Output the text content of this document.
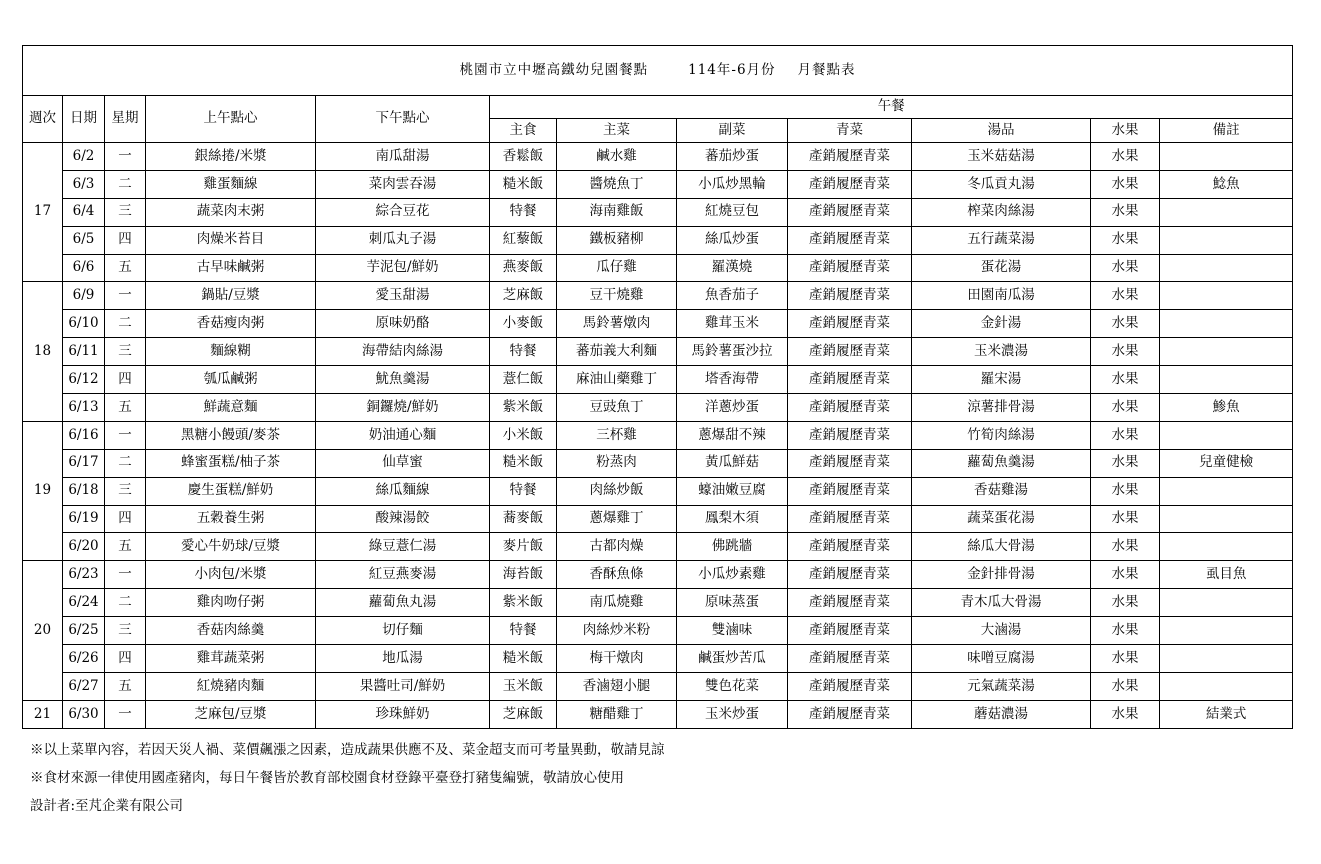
桃園市立中壢高鐵幼兒園餐點 114年-6月份 月餐點表											
週次	日期	星期	上午點心	下午點心	午餐						
					主食	主菜	副菜	青菜	湯品	水果	備註
17	6/2	一	銀絲捲/米漿	南瓜甜湯	香鬆飯	鹹水雞	蕃茄炒蛋	產銷履歷青菜	玉米菇菇湯	水果	
	6/3	二	雞蛋麵線	菜肉雲吞湯	糙米飯	醬燒魚丁	小瓜炒黑輪	產銷履歷青菜	冬瓜貢丸湯	水果	鯰魚
	6/4	三	蔬菜肉末粥	綜合豆花	特餐	海南雞飯	紅燒豆包	產銷履歷青菜	榨菜肉絲湯	水果	
	6/5	四	肉燥米苔目	刺瓜丸子湯	紅藜飯	鐵板豬柳	絲瓜炒蛋	產銷履歷青菜	五行蔬菜湯	水果	
	6/6	五	古早味鹹粥	芋泥包/鮮奶	燕麥飯	瓜仔雞	羅漢燒	產銷履歷青菜	蛋花湯	水果	
18	6/9	一	鍋貼/豆漿	愛玉甜湯	芝麻飯	豆干燒雞	魚香茄子	產銷履歷青菜	田園南瓜湯	水果	
	6/10	二	香菇瘦肉粥	原味奶酪	小麥飯	馬鈴薯燉肉	雞茸玉米	產銷履歷青菜	金針湯	水果	
	6/11	三	麵線糊	海帶結肉絲湯	特餐	蕃茄義大利麵	馬鈴薯蛋沙拉	產銷履歷青菜	玉米濃湯	水果	
	6/12	四	瓠瓜鹹粥	魷魚羹湯	薏仁飯	麻油山藥雞丁	塔香海帶	產銷履歷青菜	羅宋湯	水果	
	6/13	五	鮮蔬意麵	銅鑼燒/鮮奶	紫米飯	豆豉魚丁	洋蔥炒蛋	產銷履歷青菜	涼薯排骨湯	水果	鯵魚
19	6/16	一	黑糖小饅頭/麥茶	奶油通心麵	小米飯	三杯雞	蔥爆甜不辣	產銷履歷青菜	竹筍肉絲湯	水果	
	6/17	二	蜂蜜蛋糕/柚子茶	仙草蜜	糙米飯	粉蒸肉	黃瓜鮮菇	產銷履歷青菜	蘿蔔魚羹湯	水果	兒童健檢
	6/18	三	慶生蛋糕/鮮奶	絲瓜麵線	特餐	肉絲炒飯	蠔油嫩豆腐	產銷履歷青菜	香菇雞湯	水果	
	6/19	四	五穀養生粥	酸辣湯餃	蕎麥飯	蔥爆雞丁	鳳梨木須	產銷履歷青菜	蔬菜蛋花湯	水果	
	6/20	五	愛心牛奶球/豆漿	綠豆薏仁湯	麥片飯	古都肉燥	佛跳牆	產銷履歷青菜	絲瓜大骨湯	水果	
20	6/23	一	小肉包/米漿	紅豆燕麥湯	海苔飯	香酥魚條	小瓜炒素雞	產銷履歷青菜	金針排骨湯	水果	虱目魚
	6/24	二	雞肉吻仔粥	蘿蔔魚丸湯	紫米飯	南瓜燒雞	原味蒸蛋	產銷履歷青菜	青木瓜大骨湯	水果	
	6/25	三	香菇肉絲羹	切仔麵	特餐	肉絲炒米粉	雙滷味	產銷履歷青菜	大滷湯	水果	
	6/26	四	雞茸蔬菜粥	地瓜湯	糙米飯	梅干燉肉	鹹蛋炒苦瓜	產銷履歷青菜	味噌豆腐湯	水果	
	6/27	五	紅燒豬肉麵	果醬吐司/鮮奶	玉米飯	香滷翅小腿	雙色花菜	產銷履歷青菜	元氣蔬菜湯	水果	
21	6/30	一	芝麻包/豆漿	珍珠鮮奶	芝麻飯	糖醋雞丁	玉米炒蛋	產銷履歷青菜	蘑菇濃湯	水果	結業式
※以上菜單內容，若因天災人禍、菜價飆漲之因素，造成蔬果供應不及、菜金超支而可考量異動，敬請見諒
※食材來源一律使用國產豬肉，每日午餐皆於教育部校園食材登錄平臺登打豬隻編號，敬請放心使用
設計者:至芃企業有限公司
